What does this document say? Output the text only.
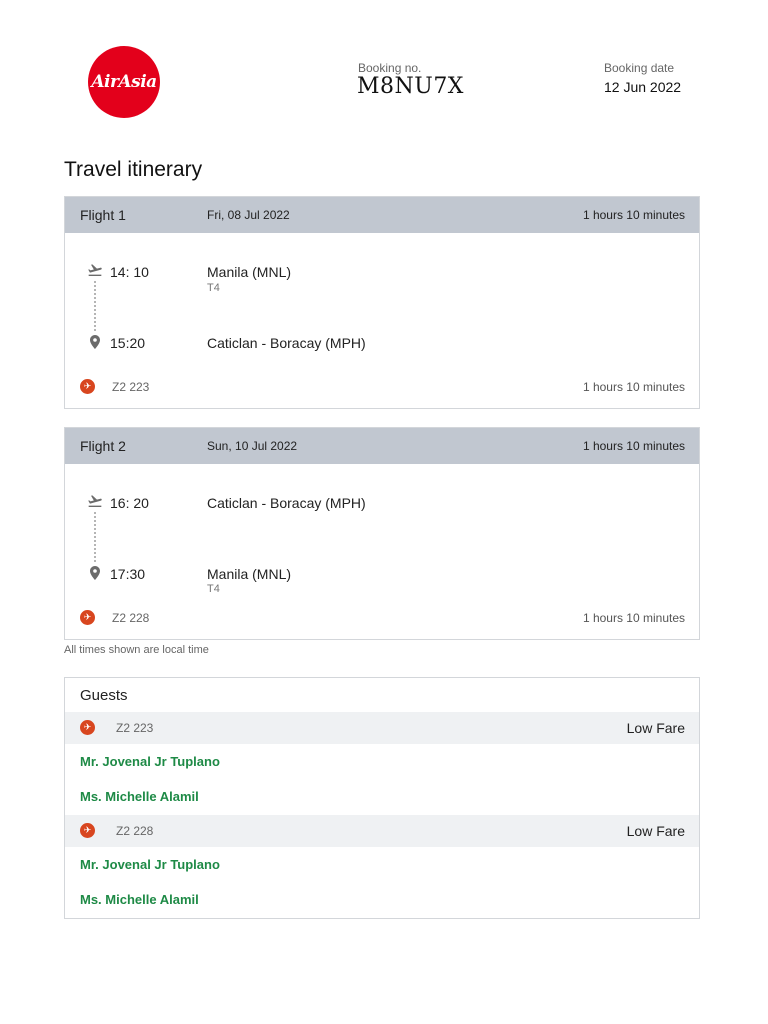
AirAsia
Booking no.
M8NU7X
Booking date
12 Jun 2022
Travel itinerary
Flight 1	Fri, 08 Jul 2022	1 hours 10 minutes
14: 10	Manila (MNL)
T4
15:20	Caticlan - Boracay (MPH)
✈	Z2 223	1 hours 10 minutes
Flight 2	Sun, 10 Jul 2022	1 hours 10 minutes
16: 20	Caticlan - Boracay (MPH)
17:30	Manila (MNL)
T4
✈	Z2 228	1 hours 10 minutes
All times shown are local time
Guests
✈	Z2 223	Low Fare
Mr. Jovenal Jr Tuplano
Ms. Michelle Alamil
✈	Z2 228	Low Fare
Mr. Jovenal Jr Tuplano
Ms. Michelle Alamil
